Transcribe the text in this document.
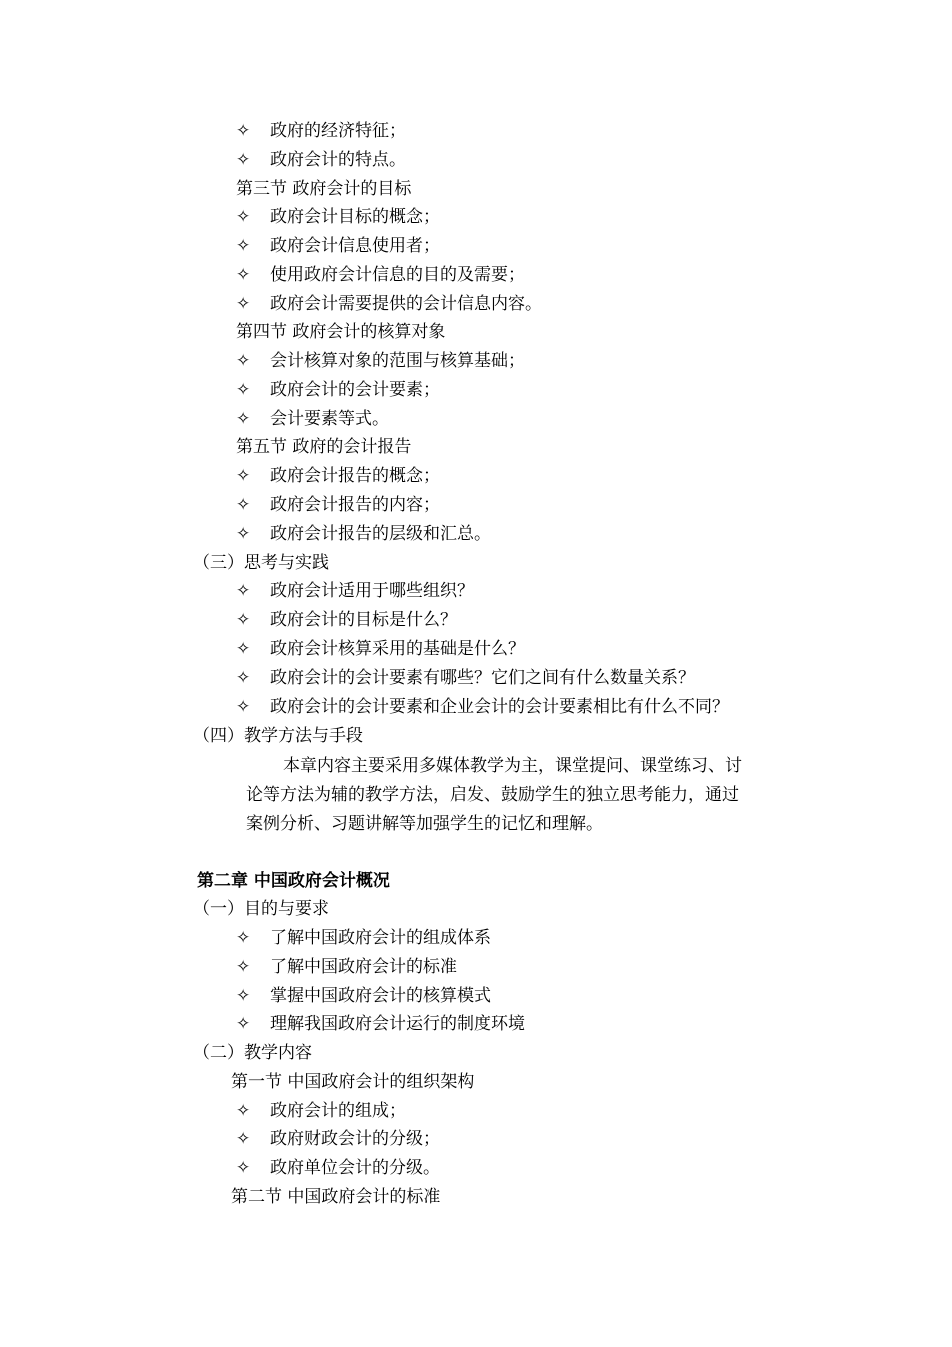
✧ 政府的经济特征；
✧ 政府会计的特点。
第三节 政府会计的目标
✧ 政府会计目标的概念；
✧ 政府会计信息使用者；
✧ 使用政府会计信息的目的及需要；
✧ 政府会计需要提供的会计信息内容。
第四节 政府会计的核算对象
✧ 会计核算对象的范围与核算基础；
✧ 政府会计的会计要素；
✧ 会计要素等式。
第五节 政府的会计报告
✧ 政府会计报告的概念；
✧ 政府会计报告的内容；
✧ 政府会计报告的层级和汇总。
（三）思考与实践
✧ 政府会计适用于哪些组织？
✧ 政府会计的目标是什么？
✧ 政府会计核算采用的基础是什么？
✧ 政府会计的会计要素有哪些？它们之间有什么数量关系？
✧ 政府会计的会计要素和企业会计的会计要素相比有什么不同？
（四）教学方法与手段
本章内容主要采用多媒体教学为主，课堂提问、课堂练习、讨
论等方法为辅的教学方法，启发、鼓励学生的独立思考能力，通过
案例分析、习题讲解等加强学生的记忆和理解。
第二章 中国政府会计概况
（一）目的与要求
✧ 了解中国政府会计的组成体系
✧ 了解中国政府会计的标准
✧ 掌握中国政府会计的核算模式
✧ 理解我国政府会计运行的制度环境
（二）教学内容
第一节 中国政府会计的组织架构
✧ 政府会计的组成；
✧ 政府财政会计的分级；
✧ 政府单位会计的分级。
第二节 中国政府会计的标准
